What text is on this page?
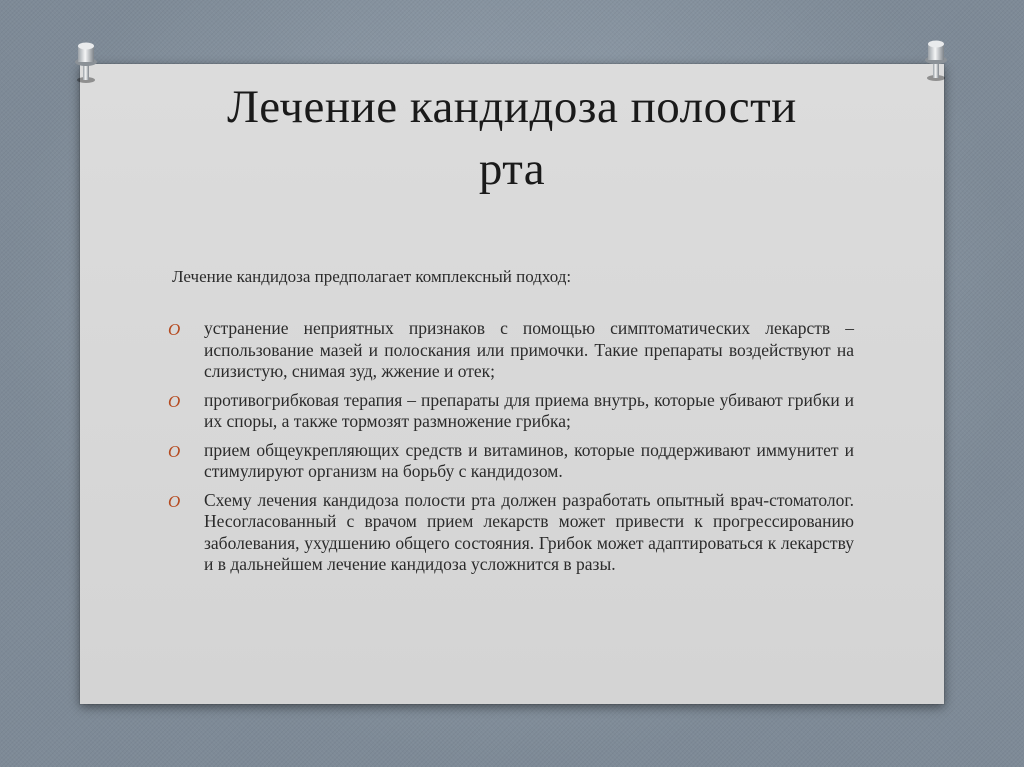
Лечение кандидоза полости
рта

Лечение кандидоза предполагает комплексный подход:

O устранение неприятных признаков с помощью симптоматических лекарств – использование мазей и полоскания или примочки. Такие препараты воздействуют на слизистую, снимая зуд, жжение и отек;
O противогрибковая терапия – препараты для приема внутрь, которые убивают грибки и их споры, а также тормозят размножение грибка;
O прием общеукрепляющих средств и витаминов, которые поддерживают иммунитет и стимулируют организм на борьбу с кандидозом.
O Схему лечения кандидоза полости рта должен разработать опытный врач-стоматолог. Несогласованный с врачом прием лекарств может привести к прогрессированию заболевания, ухудшению общего состояния. Грибок может адаптироваться к лекарству и в дальнейшем лечение кандидоза усложнится в разы.
